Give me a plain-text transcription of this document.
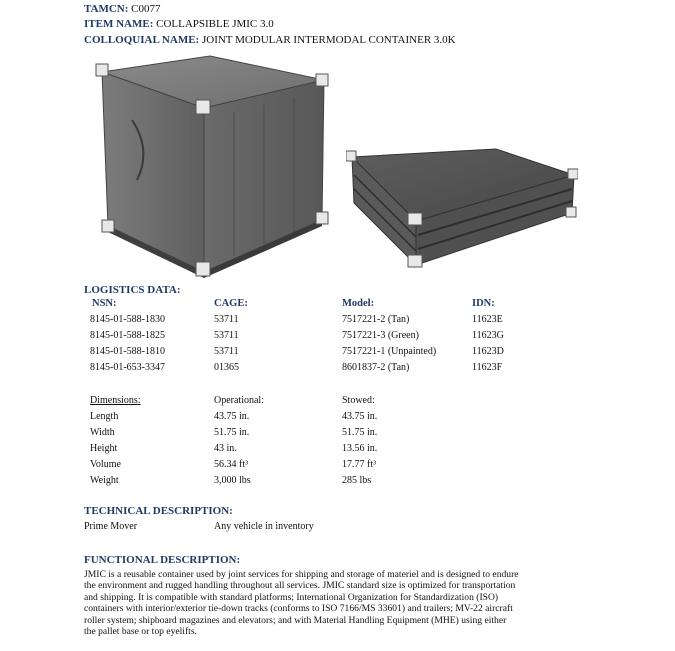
TAMCN: C0077
ITEM NAME: COLLAPSIBLE JMIC 3.0
COLLOQUIAL NAME: JOINT MODULAR INTERMODAL CONTAINER 3.0K
LOGISTICS DATA:
NSN:	CAGE:	Model:	IDN:
8145-01-588-1830	53711	7517221-2 (Tan)	11623E
8145-01-588-1825	53711	7517221-3 (Green)	11623G
8145-01-588-1810	53711	7517221-1 (Unpainted)	11623D
8145-01-653-3347	01365	8601837-2 (Tan)	11623F
Dimensions:	Operational:	Stowed:
Length	43.75 in.	43.75 in.
Width	51.75 in.	51.75 in.
Height	43 in.	13.56 in.
Volume	56.34 ft³	17.77 ft³
Weight	3,000 lbs	285 lbs
TECHNICAL DESCRIPTION:
Prime Mover	Any vehicle in inventory
FUNCTIONAL DESCRIPTION:
JMIC is a reusable container used by joint services for shipping and storage of materiel and is designed to endure
the environment and rugged handling throughout all services. JMIC standard size is optimized for transportation
and shipping. It is compatible with standard platforms; International Organization for Standardization (ISO)
containers with interior/exterior tie-down tracks (conforms to ISO 7166/MS 33601) and trailers; MV-22 aircraft
roller system; shipboard magazines and elevators; and with Material Handling Equipment (MHE) using either
the pallet base or top eyelifts.
